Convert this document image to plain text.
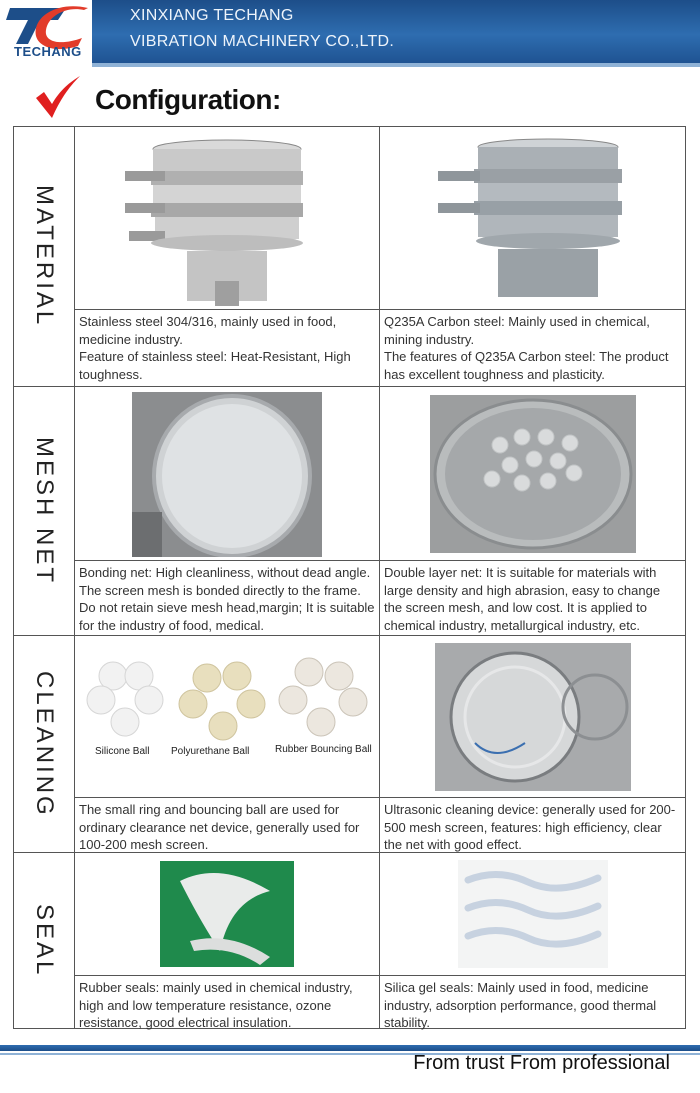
TECHANG
XINXIANG TECHANG
VIBRATION MACHINERY CO.,LTD.
Configuration:
MATERIAL Stainless steel 304/316, mainly used in food, medicine industry.

Feature of stainless steel: Heat-Resistant, High toughness.

Q235A Carbon steel: Mainly used in chemical, mining industry.

The features of Q235A Carbon steel: The product has excellent toughness and plasticity.

MESH NET Bonding net: High cleanliness, without dead angle. The screen mesh is bonded directly to the frame. Do not retain sieve mesh head,margin; It is suitable for the industry of food, medical.

Double layer net: It is suitable for materials with large density and high abrasion, easy to change the screen mesh, and low cost. It is applied to chemical industry, metallurgical industry, etc.

CLEANING	Silicone Ball Polyurethane Ball	Rubber Bouncing Ball

The small ring and bouncing ball are used for ordinary clearance net device, generally used for 100-200 mesh screen.

Ultrasonic cleaning device: generally used for 200-500 mesh screen, features: high efficiency, clear the net with good effect.

SEAL

Rubber seals: mainly used in chemical industry, high and low temperature resistance, ozone resistance, good electrical insulation.

Silica gel seals: Mainly used in food, medicine industry, adsorption performance, good thermal stability.

From trust From professional
